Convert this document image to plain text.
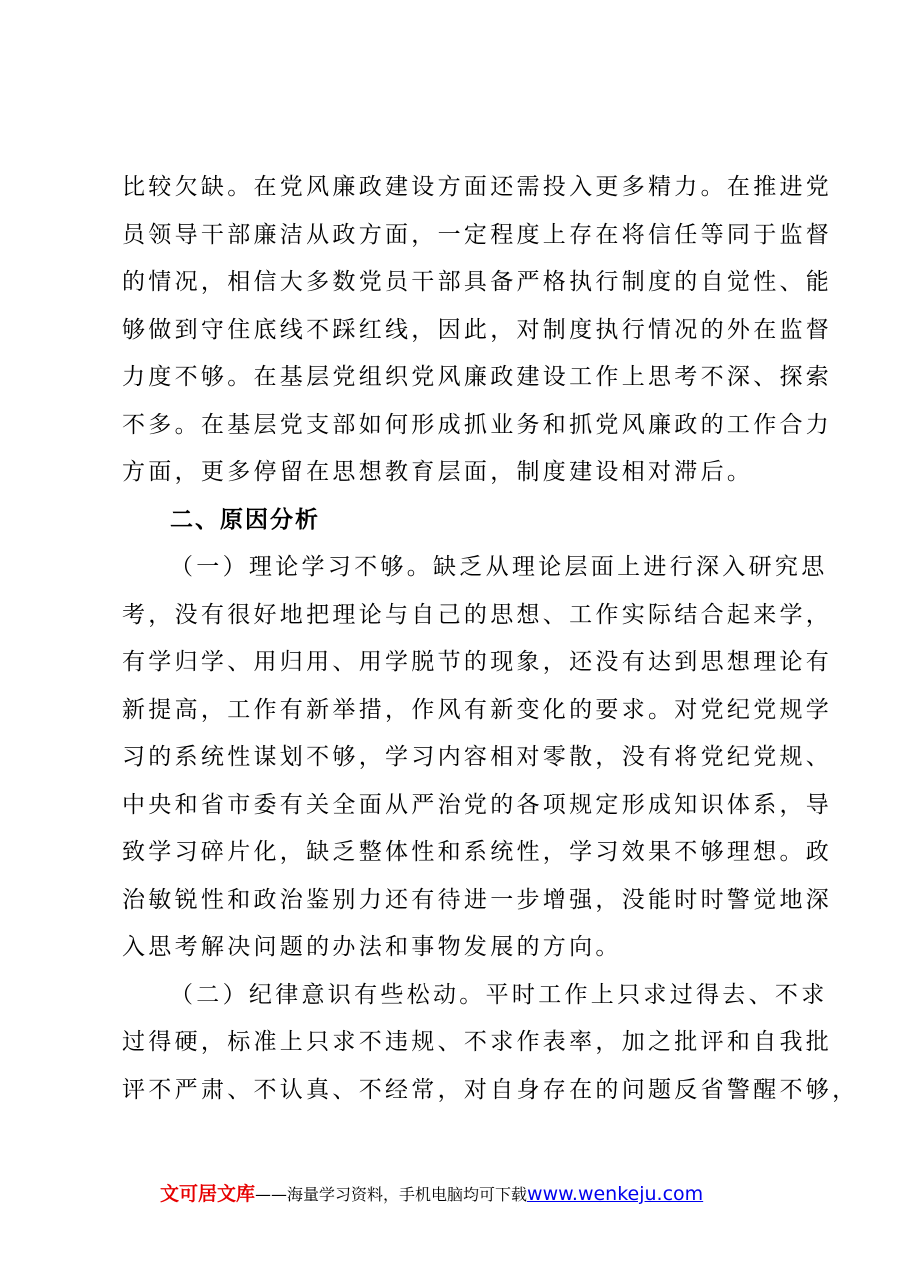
比较欠缺。在党风廉政建设方面还需投入更多精力。在推进党
员领导干部廉洁从政方面，一定程度上存在将信任等同于监督
的情况，相信大多数党员干部具备严格执行制度的自觉性、能
够做到守住底线不踩红线，因此，对制度执行情况的外在监督
力度不够。在基层党组织党风廉政建设工作上思考不深、探索
不多。在基层党支部如何形成抓业务和抓党风廉政的工作合力
方面，更多停留在思想教育层面，制度建设相对滞后。
二、原因分析
（一）理论学习不够。缺乏从理论层面上进行深入研究思
考，没有很好地把理论与自己的思想、工作实际结合起来学，
有学归学、用归用、用学脱节的现象，还没有达到思想理论有
新提高，工作有新举措，作风有新变化的要求。对党纪党规学
习的系统性谋划不够，学习内容相对零散，没有将党纪党规、
中央和省市委有关全面从严治党的各项规定形成知识体系，导
致学习碎片化，缺乏整体性和系统性，学习效果不够理想。政
治敏锐性和政治鉴别力还有待进一步增强，没能时时警觉地深
入思考解决问题的办法和事物发展的方向。
（二）纪律意识有些松动。平时工作上只求过得去、不求
过得硬，标准上只求不违规、不求作表率，加之批评和自我批
评不严肃、不认真、不经常，对自身存在的问题反省警醒不够，
文可居文库——海量学习资料，手机电脑均可下载www.wenkeju.com
